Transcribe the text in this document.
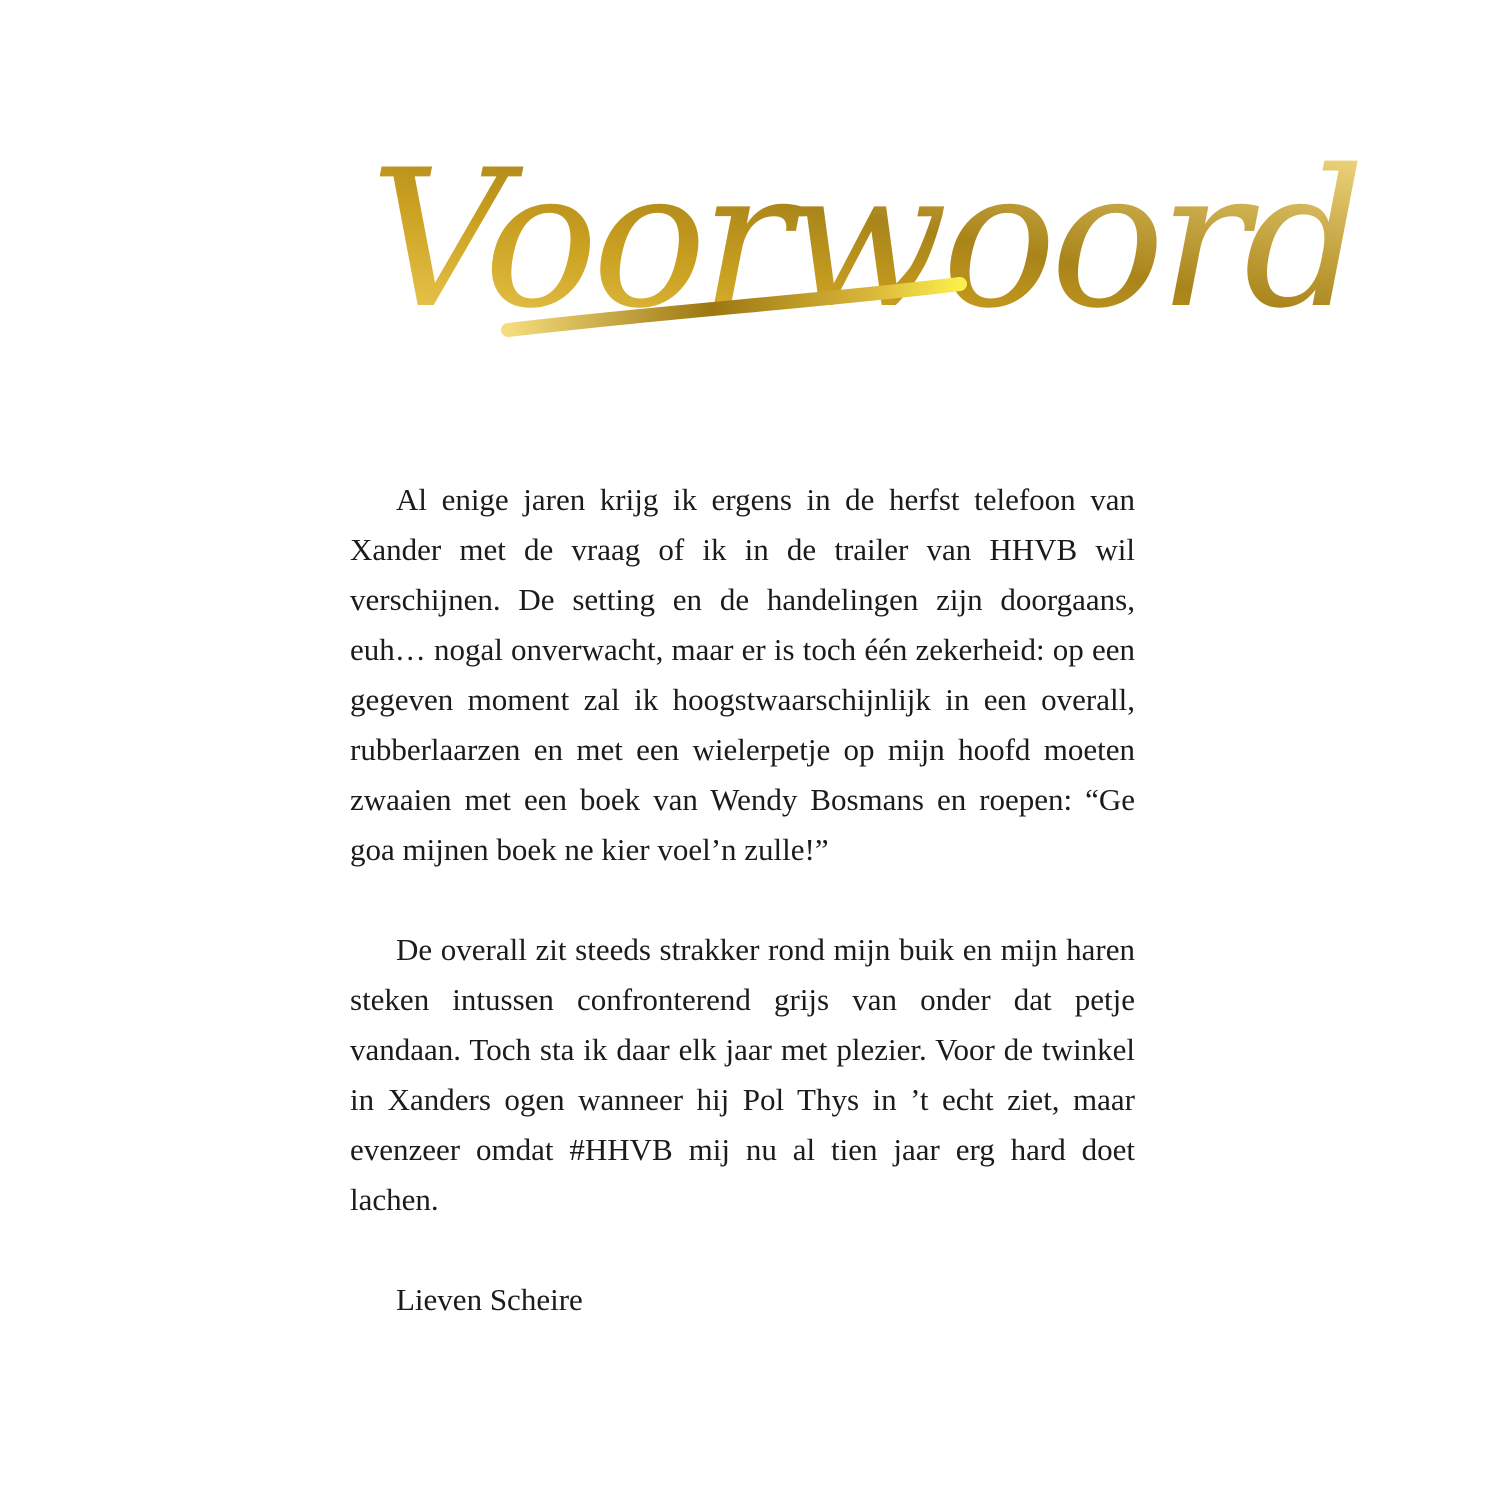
Voorwoord

Al enige jaren krijg ik ergens in de herfst telefoon van Xander met de vraag of ik in de trailer van HHVB wil verschijnen. De setting en de handelingen zijn doorgaans, euh… nogal onverwacht, maar er is toch één zekerheid: op een gegeven moment zal ik hoogstwaarschijnlijk in een overall, rubberlaarzen en met een wielerpetje op mijn hoofd moeten zwaaien met een boek van Wendy Bosmans en roepen: “Ge goa mijnen boek ne kier voel’n zulle!”

De overall zit steeds strakker rond mijn buik en mijn haren steken intussen confronterend grijs van onder dat petje vandaan. Toch sta ik daar elk jaar met plezier. Voor de twinkel in Xanders ogen wanneer hij Pol Thys in ’t echt ziet, maar evenzeer omdat #HHVB mij nu al tien jaar erg hard doet lachen.

Lieven Scheire
